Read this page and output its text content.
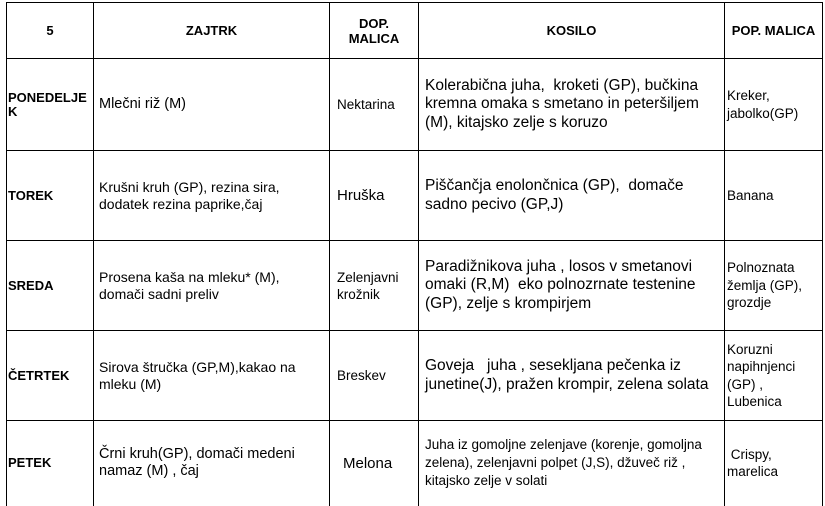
5	ZAJTRK	DOP.
MALICA	KOSILO	POP. MALICA

PONEDELJE
K	Mlečni riž (M)	Nektarina	Kolerabična juha,  kroketi (GP), bučkina
kremna omaka s smetano in peteršiljem
(M), kitajsko zelje s koruzo	Kreker,
jabolko(GP)

TOREK	Krušni kruh (GP), rezina sira,
dodatek rezina paprike,čaj	Hruška	Piščančja enolončnica (GP),  domače
sadno pecivo (GP,J)	Banana

SREDA	Prosena kaša na mleku* (M),
domači sadni preliv	Zelenjavni
krožnik	Paradižnikova juha , losos v smetanovi
omaki (R,M)  eko polnozrnate testenine
(GP), zelje s krompirjem	Polnoznata
žemlja (GP),
grozdje

ČETRTEK	Sirova štručka (GP,M),kakao na
mleku (M)	Breskev	Goveja   juha , sesekljana pečenka iz
junetine(J), pražen krompir, zelena solata	Koruzni
napihnjenci
(GP) ,
Lubenica

PETEK	Črni kruh(GP), domači medeni
namaz (M) , čaj	Melona	Juha iz gomoljne zelenjave (korenje, gomoljna
zelena), zelenjavni polpet (J,S), džuveč riž ,
kitajsko zelje v solati	Crispy,
marelica
